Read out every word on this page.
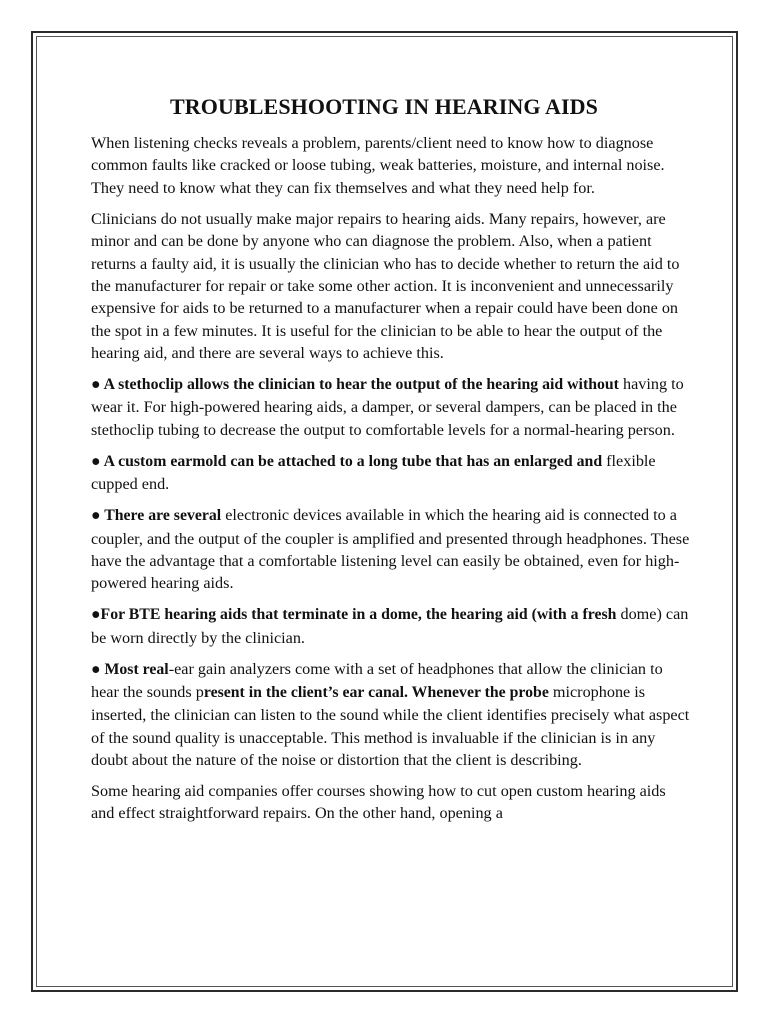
TROUBLESHOOTING IN HEARING AIDS

When listening checks reveals a problem, parents/client need to know how to diagnose common faults like cracked or loose tubing, weak batteries, moisture, and internal noise. They need to know what they can fix themselves and what they need help for.

Clinicians do not usually make major repairs to hearing aids. Many repairs, however, are minor and can be done by anyone who can diagnose the problem. Also, when a patient returns a faulty aid, it is usually the clinician who has to decide whether to return the aid to the manufacturer for repair or take some other action. It is inconvenient and unnecessarily expensive for aids to be returned to a manufacturer when a repair could have been done on the spot in a few minutes. It is useful for the clinician to be able to hear the output of the hearing aid, and there are several ways to achieve this.

● A stethoclip allows the clinician to hear the output of the hearing aid without having to wear it. For high-powered hearing aids, a damper, or several dampers, can be placed in the stethoclip tubing to decrease the output to comfortable levels for a normal-hearing person.

● A custom earmold can be attached to a long tube that has an enlarged and flexible cupped end.

● There are several electronic devices available in which the hearing aid is connected to a coupler, and the output of the coupler is amplified and presented through headphones. These have the advantage that a comfortable listening level can easily be obtained, even for high-powered hearing aids.

●For BTE hearing aids that terminate in a dome, the hearing aid (with a fresh dome) can be worn directly by the clinician.

● Most real-ear gain analyzers come with a set of headphones that allow the clinician to hear the sounds present in the client’s ear canal. Whenever the probe microphone is inserted, the clinician can listen to the sound while the client identifies precisely what aspect of the sound quality is unacceptable. This method is invaluable if the clinician is in any doubt about the nature of the noise or distortion that the client is describing.

Some hearing aid companies offer courses showing how to cut open custom hearing aids and effect straightforward repairs. On the other hand, opening a
